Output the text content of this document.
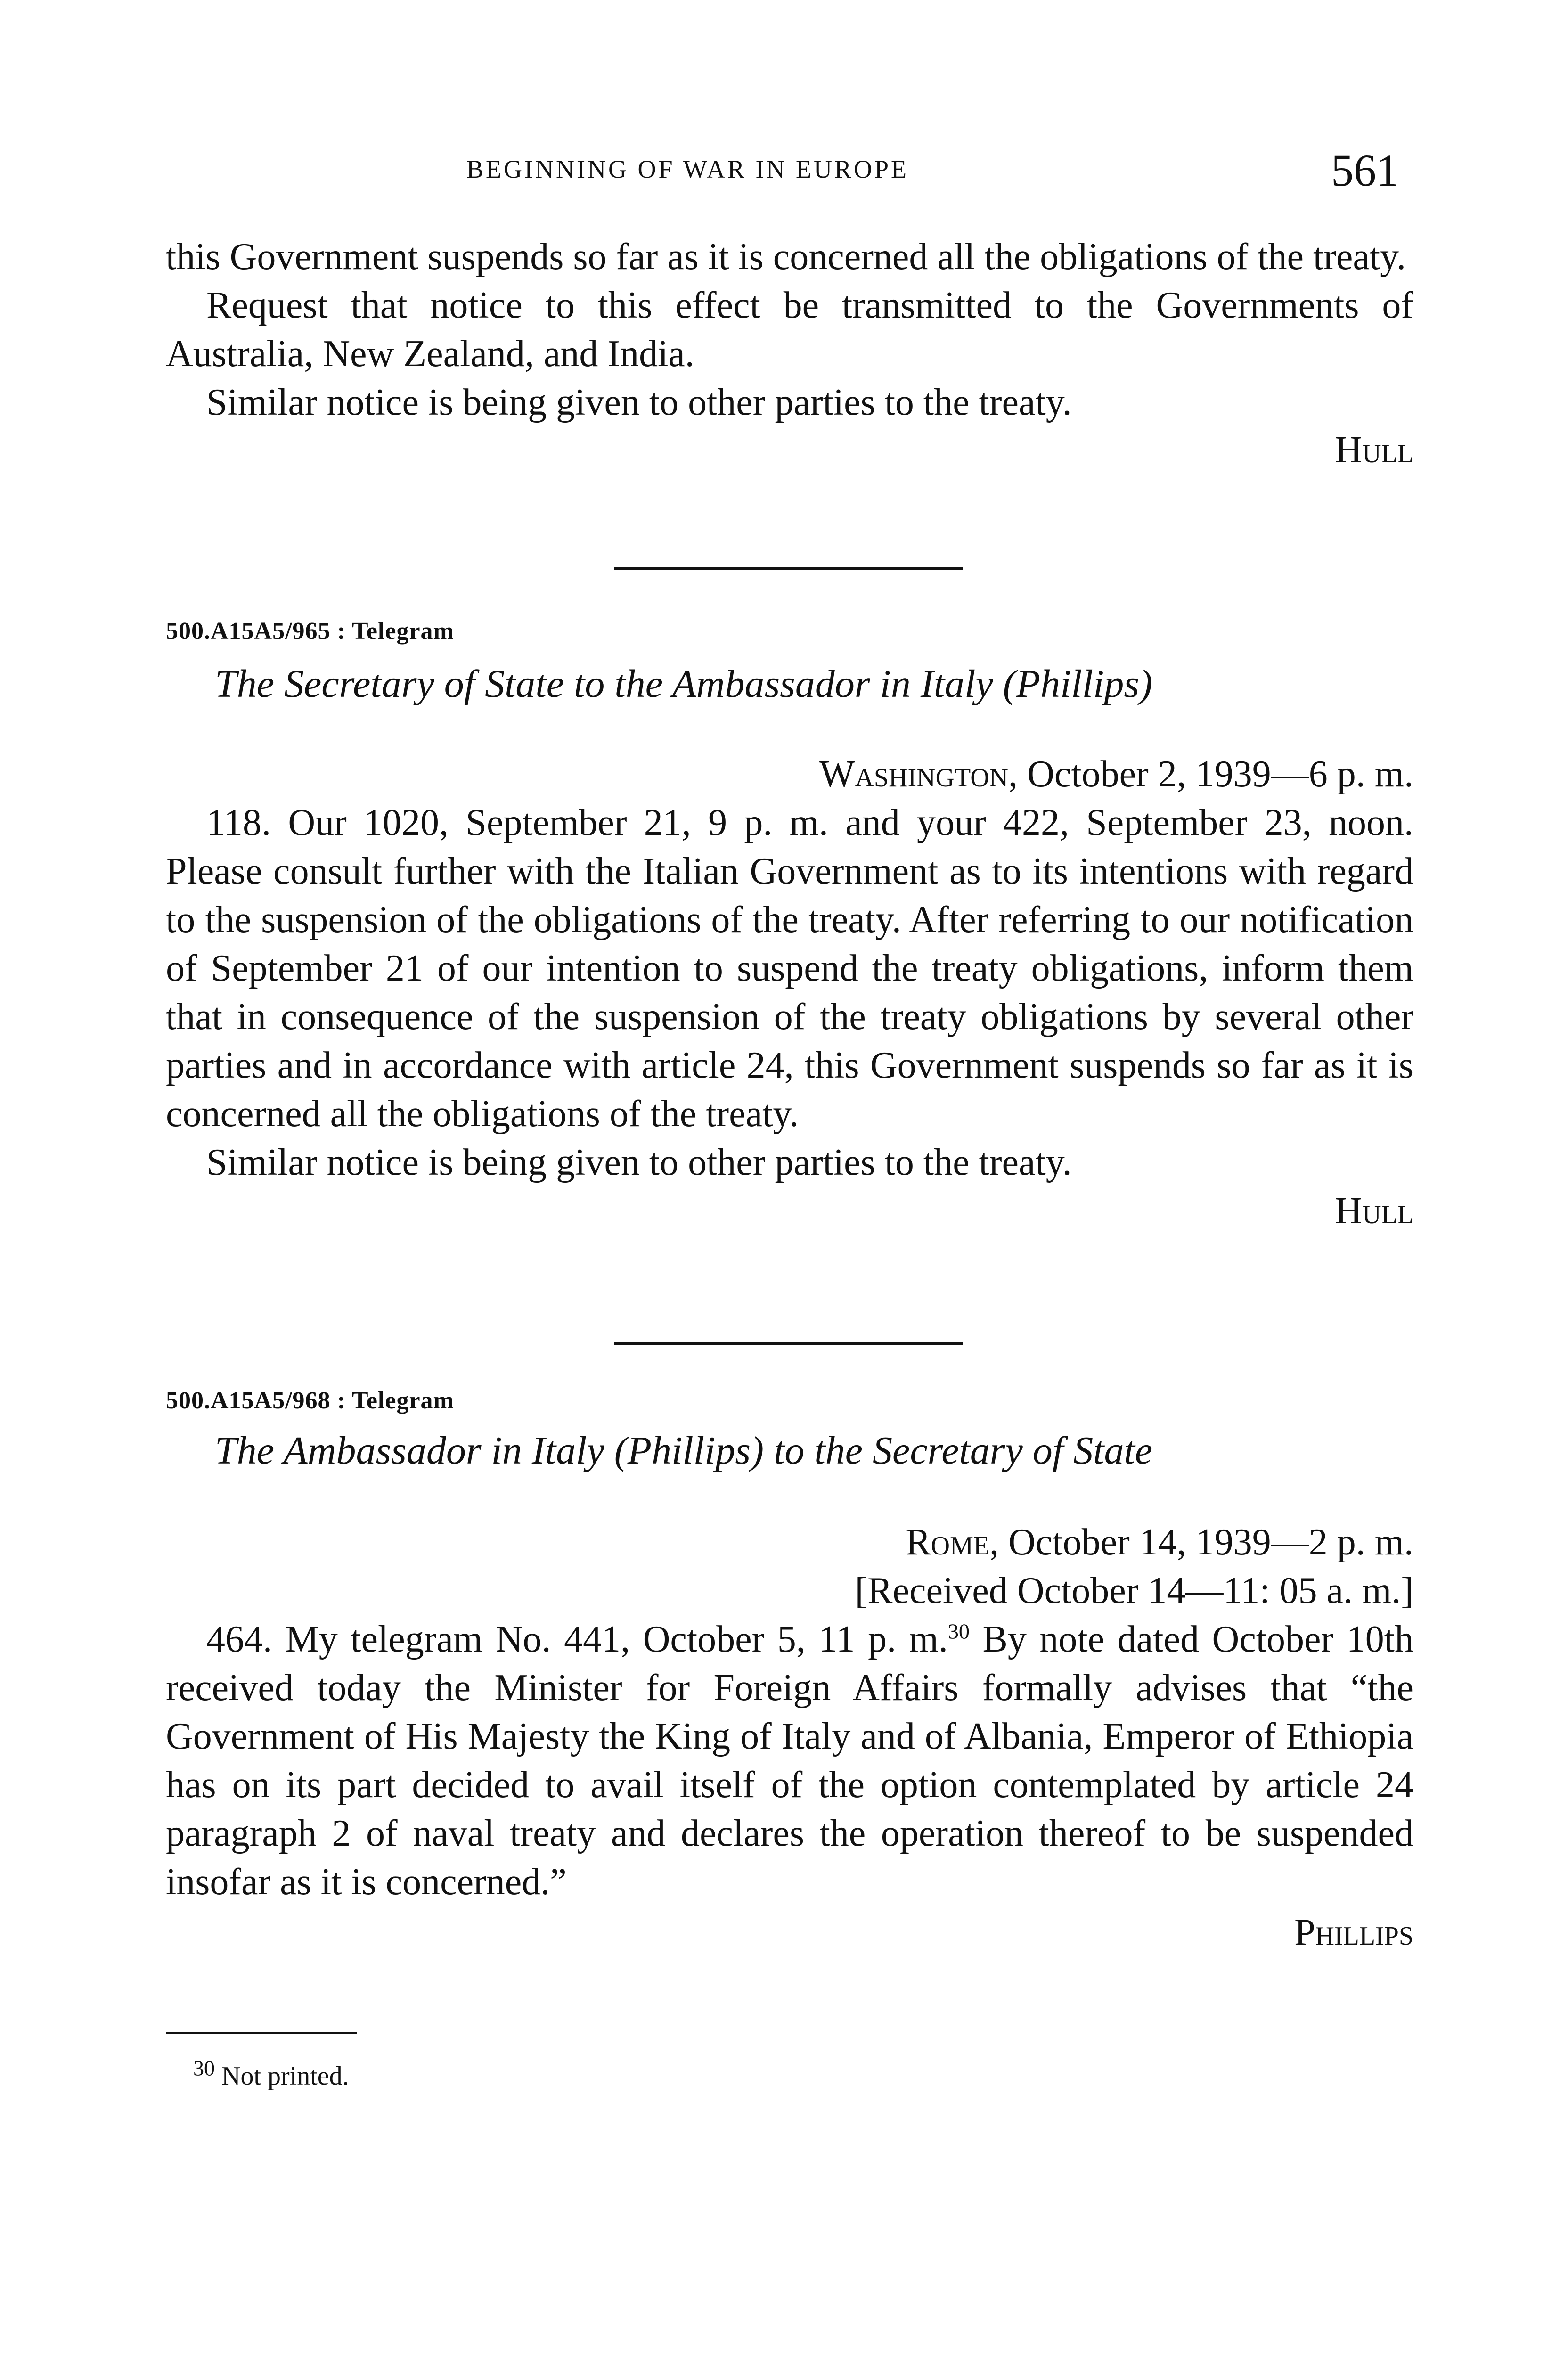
BEGINNING OF WAR IN EUROPE	561

this Government suspends so far as it is concerned all the obligations of the treaty.

Request that notice to this effect be transmitted to the Governments of Australia, New Zealand, and India.

Similar notice is being given to other parties to the treaty.

Hull

500.A15A5/965 : Telegram
The Secretary of State to the Ambassador in Italy (Phillips)
Washington, October 2, 1939—6 p. m.

118. Our 1020, September 21, 9 p. m. and your 422, September 23, noon. Please consult further with the Italian Government as to its intentions with regard to the suspension of the obligations of the treaty. After referring to our notification of September 21 of our intention to suspend the treaty obligations, inform them that in consequence of the suspension of the treaty obligations by several other parties and in accordance with article 24, this Government suspends so far as it is concerned all the obligations of the treaty.

Similar notice is being given to other parties to the treaty.

Hull

500.A15A5/968 : Telegram
The Ambassador in Italy (Phillips) to the Secretary of State
Rome, October 14, 1939—2 p. m.
[Received October 14—11: 05 a. m.]

464. My telegram No. 441, October 5, 11 p. m.$^{30}$ By note dated October 10th received today the Minister for Foreign Affairs formally advises that “the Government of His Majesty the King of Italy and of Albania, Emperor of Ethiopia has on its part decided to avail itself of the option contemplated by article 24 paragraph 2 of naval treaty and declares the operation thereof to be suspended insofar as it is concerned.”

Phillips

$^{30}$ Not printed.
